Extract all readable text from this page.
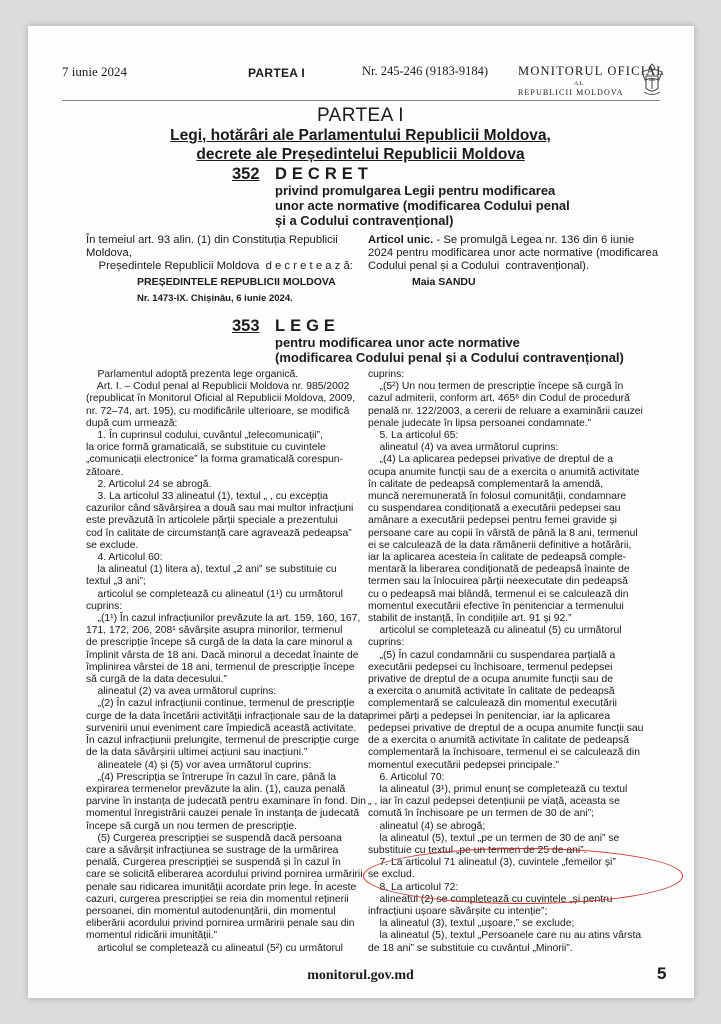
7 iunie 2024	PARTEA I	Nr. 245-246 (9183-9184) MONITORUL OFICIAL
AL
REPUBLICII MOLDOVA
PARTEA I
Legi, hotărâri ale Parlamentului Republicii Moldova,
decrete ale Președintelui Republicii Moldova
352 DECRET
privind promulgarea Legii pentru modificarea
unor acte normative (modificarea Codului penal
și a Codului contravențional)
În temeiul art. 93 alin. (1) din Constituția Republicii
Moldova,
Președintele Republicii Moldova  d e c r e t e a z ă:
Articol unic. - Se promulgă Legea nr. 136 din 6 iunie
2024 pentru modificarea unor acte normative (modificarea
Codului penal și a Codului  contravențional).
PREȘEDINTELE REPUBLICII MOLDOVA	Maia SANDU
Nr. 1473-IX. Chișinău, 6 iunie 2024.
353 LEGE
pentru modificarea unor acte normative
(modificarea Codului penal și a Codului contravențional)
Parlamentul adoptă prezenta lege organică.
Art. I. – Codul penal al Republicii Moldova nr. 985/2002
(republicat în Monitorul Oficial al Republicii Moldova, 2009,
nr. 72–74, art. 195), cu modificările ulterioare, se modifică
după cum urmează:
1. În cuprinsul codului, cuvântul „telecomunicații”,
la orice formă gramaticală, se substituie cu cuvintele
„comunicații electronice” la forma gramaticală corespun-
zătoare.
2. Articolul 24 se abrogă.
3. La articolul 33 alineatul (1), textul „ , cu excepția
cazurilor când săvârșirea a două sau mai multor infracțiuni
este prevăzută în articolele părții speciale a prezentului
cod în calitate de circumstanță care agravează pedeapsa”
se exclude.
4. Articolul 60:
la alineatul (1) litera a), textul „2 ani” se substituie cu
textul „3 ani”;
articolul se completează cu alineatul (1¹) cu următorul
cuprins:
„(1¹) În cazul infracțiunilor prevăzute la art. 159, 160, 167,
171, 172, 206, 208¹ săvârșite asupra minorilor, termenul
de prescripție începe să curgă de la data la care minorul a
împlinit vârsta de 18 ani. Dacă minorul a decedat înainte de
împlinirea vârstei de 18 ani, termenul de prescripție începe
să curgă de la data decesului.”
alineatul (2) va avea următorul cuprins:
„(2) În cazul infracțiunii continue, termenul de prescripție
curge de la data încetării activității infracționale sau de la data
survenirii unui eveniment care împiedică această activitate.
În cazul infracțiunii prelungite, termenul de prescripție curge
de la data săvârșirii ultimei acțiuni sau inacțiuni.”
alineatele (4) și (5) vor avea următorul cuprins:
„(4) Prescripția se întrerupe în cazul în care, până la
expirarea termenelor prevăzute la alin. (1), cauza penală
parvine în instanța de judecată pentru examinare în fond. Din
momentul înregistrării cauzei penale în instanța de judecată
începe să curgă un nou termen de prescripție.
(5) Curgerea prescripției se suspendă dacă persoana
care a săvârșit infracțiunea se sustrage de la urmărirea
penală. Curgerea prescripției se suspendă și în cazul în
care se solicită eliberarea acordului privind pornirea urmăririi
penale sau ridicarea imunității acordate prin lege. În aceste
cazuri, curgerea prescripției se reia din momentul reținerii
persoanei, din momentul autodenunțării, din momentul
eliberării acordului privind pornirea urmăririi penale sau din
momentul ridicării imunității.”
articolul se completează cu alineatul (5²) cu următorul
cuprins:
„(5²) Un nou termen de prescripție începe să curgă în
cazul admiterii, conform art. 465⁶ din Codul de procedură
penală nr. 122/2003, a cererii de reluare a examinării cauzei
penale judecate în lipsa persoanei condamnate.”
5. La articolul 65:
alineatul (4) va avea următorul cuprins:
„(4) La aplicarea pedepsei privative de dreptul de a
ocupa anumite funcții sau de a exercita o anumită activitate
în calitate de pedeapsă complementară la amendă,
muncă neremunerată în folosul comunității, condamnare
cu suspendarea condiționată a executării pedepsei sau
amânare a executării pedepsei pentru femei gravide și
persoane care au copii în vârstă de până la 8 ani, termenul
ei se calculează de la data rămânerii definitive a hotărârii,
iar la aplicarea acesteia în calitate de pedeapsă comple-
mentară la liberarea condiționată de pedeapsă înainte de
termen sau la înlocuirea părții neexecutate din pedeapsă
cu o pedeapsă mai blândă, termenul ei se calculează din
momentul executării efective în penitenciar a termenului
stabilit de instanță, în condițiile art. 91 și 92.”
articolul se completează cu alineatul (5) cu următorul
cuprins:
„(5) În cazul condamnării cu suspendarea parțială a
executării pedepsei cu închisoare, termenul pedepsei
privative de dreptul de a ocupa anumite funcții sau de
a exercita o anumită activitate în calitate de pedeapsă
complementară se calculează din momentul executării
primei părți a pedepsei în penitenciar, iar la aplicarea
pedepsei privative de dreptul de a ocupa anumite funcții sau
de a exercita o anumită activitate în calitate de pedeapsă
complementară la închisoare, termenul ei se calculează din
momentul executării pedepsei principale.”
6. Articolul 70:
la alineatul (3¹), primul enunț se completează cu textul
„ , iar în cazul pedepsei detențiunii pe viață, aceasta se
comută în închisoare pe un termen de 30 de ani”;
alineatul (4) se abrogă;
la alineatul (5), textul „pe un termen de 30 de ani” se
substituie cu textul „pe un termen de 25 de ani”.
7. La articolul 71 alineatul (3), cuvintele „femeilor și”
se exclud.
8. La articolul 72:
alineatul (2) se completează cu cuvintele „și pentru
infracțiuni ușoare săvârșite cu intenție”;
la alineatul (3), textul „ușoare,” se exclude;
la alineatul (5), textul „Persoanele care nu au atins vârsta
de 18 ani” se substituie cu cuvântul „Minorii”.
monitorul.gov.md	5
